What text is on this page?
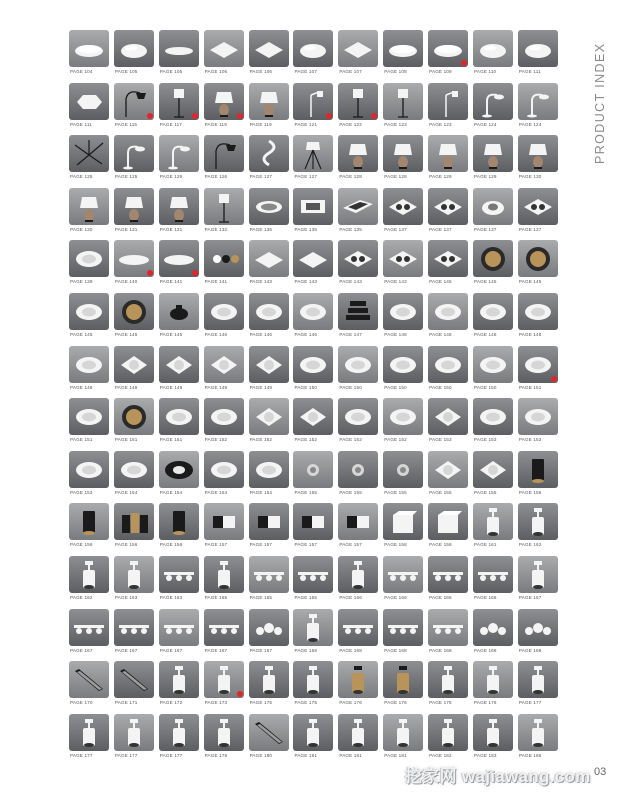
PRODUCT INDEX
PAGE 104	PAGE 105	PAGE 105	PAGE 106	PAGE 106	PAGE 107	PAGE 107	PAGE 108	PAGE 109	PAGE 110	PAGE 111
PAGE 111	PAGE 115	PAGE 117	PAGE 119	PAGE 119	PAGE 121	PAGE 122	PAGE 123	PAGE 123	PAGE 124	PAGE 124
PAGE 125	PAGE 125	PAGE 126	PAGE 126	PAGE 127	PAGE 127	PAGE 128	PAGE 128	PAGE 129	PAGE 129	PAGE 130
PAGE 130	PAGE 131	PAGE 131	PAGE 132	PAGE 135	PAGE 135	PAGE 135	PAGE 137	PAGE 137	PAGE 137	PAGE 137
PAGE 139	PAGE 140	PAGE 141	PAGE 141	PAGE 143	PAGE 143	PAGE 143	PAGE 143	PAGE 145	PAGE 145	PAGE 145
PAGE 145	PAGE 145	PAGE 145	PAGE 146	PAGE 146	PAGE 146	PAGE 147	PAGE 148	PAGE 148	PAGE 148	PAGE 148
PAGE 148	PAGE 149	PAGE 149	PAGE 149	PAGE 149	PAGE 150	PAGE 150	PAGE 150	PAGE 150	PAGE 150	PAGE 151
PAGE 151	PAGE 151	PAGE 151	PAGE 152	PAGE 152	PAGE 152	PAGE 152	PAGE 152	PAGE 153	PAGE 153	PAGE 153
PAGE 153	PAGE 154	PAGE 154	PAGE 154	PAGE 154	PAGE 155	PAGE 155	PAGE 155	PAGE 155	PAGE 155	PAGE 156
PAGE 156	PAGE 156	PAGE 156	PAGE 157	PAGE 157	PAGE 157	PAGE 157	PAGE 158	PAGE 158	PAGE 161	PAGE 162
PAGE 162	PAGE 163	PAGE 163	PAGE 165	PAGE 165	PAGE 165	PAGE 166	PAGE 166	PAGE 166	PAGE 166	PAGE 167
PAGE 167	PAGE 167	PAGE 167	PAGE 167	PAGE 167	PAGE 168	PAGE 168	PAGE 168	PAGE 168	PAGE 168	PAGE 168
PAGE 170	PAGE 171	PAGE 172	PAGE 173	PAGE 175	PAGE 175	PAGE 176	PAGE 176	PAGE 176	PAGE 176	PAGE 177
PAGE 177	PAGE 177	PAGE 177	PAGE 179	PAGE 180	PAGE 181	PAGE 181	PAGE 181	PAGE 182	PAGE 183	PAGE 185
挖家网 wajiawang.com 03
